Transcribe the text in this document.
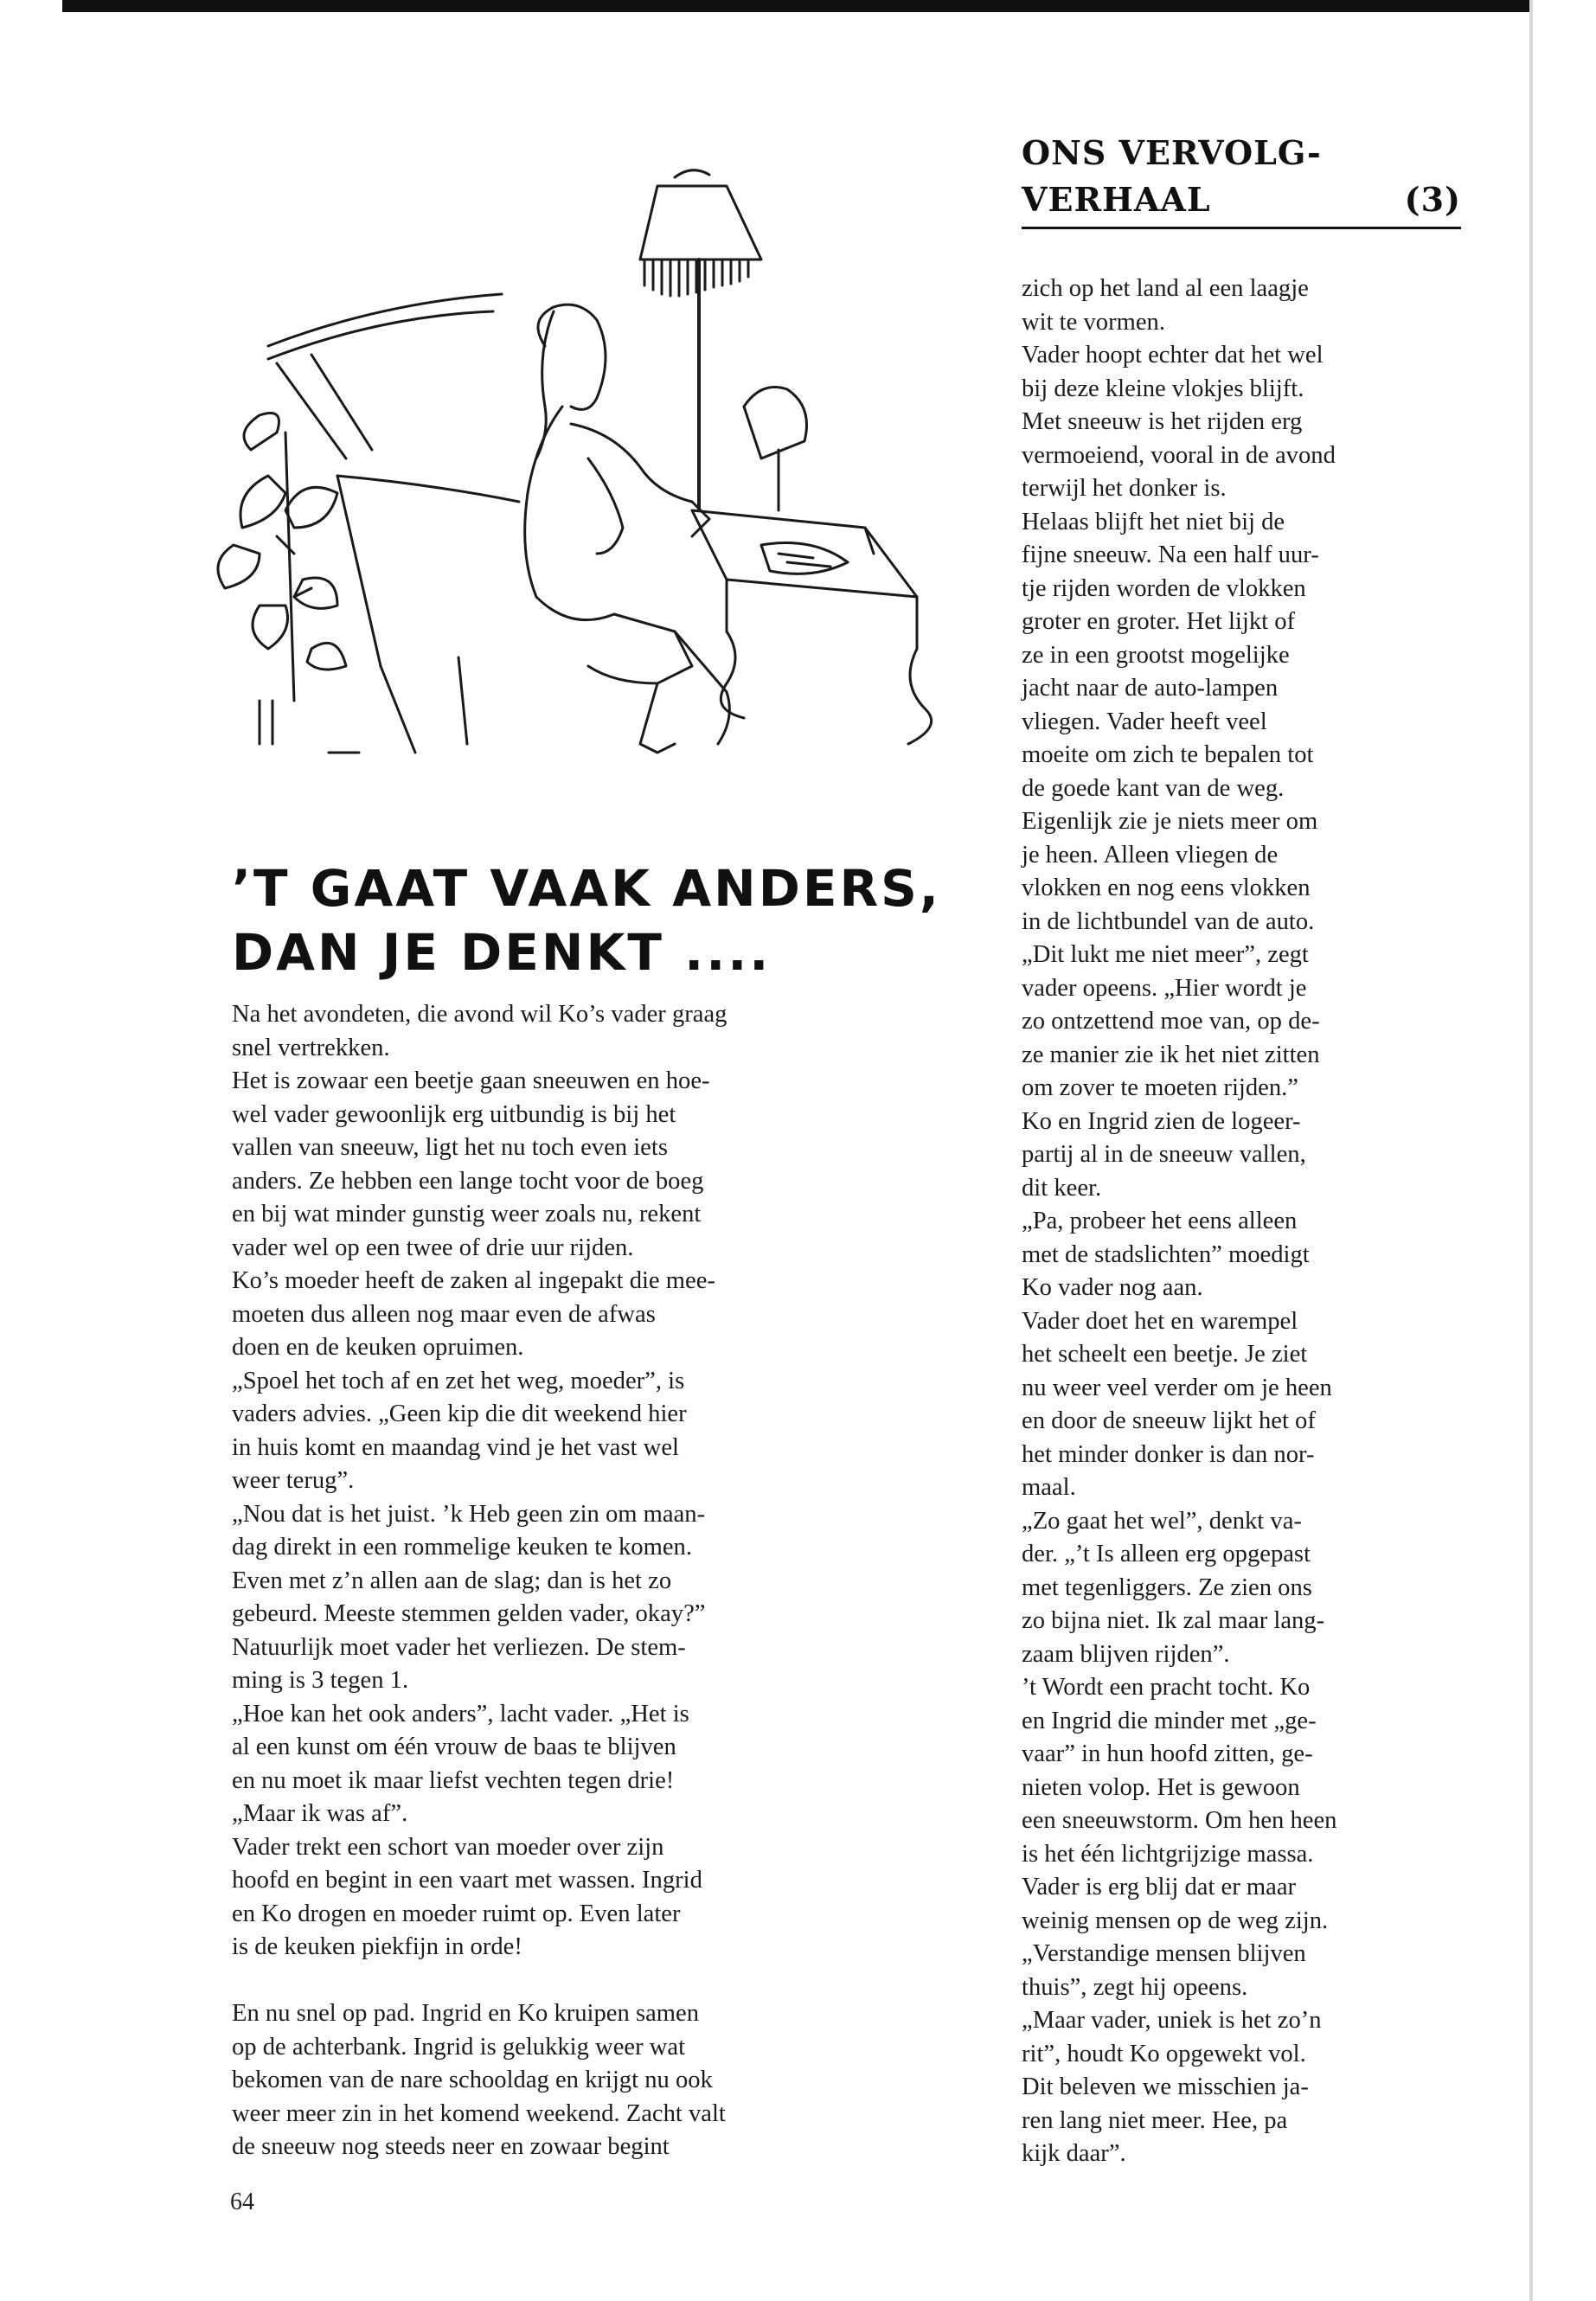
ONS VERVOLG-
VERHAAL	(3)
’T GAAT VAAK ANDERS,
DAN JE DENKT ....

Na het avondeten, die avond wil Ko’s vader graag

snel vertrekken.

Het is zowaar een beetje gaan sneeuwen en hoe-

wel vader gewoonlijk erg uitbundig is bij het

vallen van sneeuw, ligt het nu toch even iets

anders. Ze hebben een lange tocht voor de boeg

en bij wat minder gunstig weer zoals nu, rekent

vader wel op een twee of drie uur rijden.

Ko’s moeder heeft de zaken al ingepakt die mee-

moeten dus alleen nog maar even de afwas

doen en de keuken opruimen.

„Spoel het toch af en zet het weg, moeder”, is

vaders advies. „Geen kip die dit weekend hier

in huis komt en maandag vind je het vast wel

weer terug”.

„Nou dat is het juist. ’k Heb geen zin om maan-

dag direkt in een rommelige keuken te komen.

Even met z’n allen aan de slag; dan is het zo

gebeurd. Meeste stemmen gelden vader, okay?”

Natuurlijk moet vader het verliezen. De stem-

ming is 3 tegen 1.

„Hoe kan het ook anders”, lacht vader. „Het is

al een kunst om één vrouw de baas te blijven

en nu moet ik maar liefst vechten tegen drie!

„Maar ik was af”.

Vader trekt een schort van moeder over zijn

hoofd en begint in een vaart met wassen. Ingrid

en Ko drogen en moeder ruimt op. Even later

is de keuken piekfijn in orde!

En nu snel op pad. Ingrid en Ko kruipen samen

op de achterbank. Ingrid is gelukkig weer wat

bekomen van de nare schooldag en krijgt nu ook

weer meer zin in het komend weekend. Zacht valt

de sneeuw nog steeds neer en zowaar begint

zich op het land al een laagje

wit te vormen.

Vader hoopt echter dat het wel

bij deze kleine vlokjes blijft.

Met sneeuw is het rijden erg

vermoeiend, vooral in de avond

terwijl het donker is.

Helaas blijft het niet bij de

fijne sneeuw. Na een half uur-

tje rijden worden de vlokken

groter en groter. Het lijkt of

ze in een grootst mogelijke

jacht naar de auto-lampen

vliegen. Vader heeft veel

moeite om zich te bepalen tot

de goede kant van de weg.

Eigenlijk zie je niets meer om

je heen. Alleen vliegen de

vlokken en nog eens vlokken

in de lichtbundel van de auto.

„Dit lukt me niet meer”, zegt

vader opeens. „Hier wordt je

zo ontzettend moe van, op de-

ze manier zie ik het niet zitten

om zover te moeten rijden.”

Ko en Ingrid zien de logeer-

partij al in de sneeuw vallen,

dit keer.

„Pa, probeer het eens alleen

met de stadslichten” moedigt

Ko vader nog aan.

Vader doet het en warempel

het scheelt een beetje. Je ziet

nu weer veel verder om je heen

en door de sneeuw lijkt het of

het minder donker is dan nor-

maal.

„Zo gaat het wel”, denkt va-

der. „’t Is alleen erg opgepast

met tegenliggers. Ze zien ons

zo bijna niet. Ik zal maar lang-

zaam blijven rijden”.

’t Wordt een pracht tocht. Ko

en Ingrid die minder met „ge-

vaar” in hun hoofd zitten, ge-

nieten volop. Het is gewoon

een sneeuwstorm. Om hen heen

is het één lichtgrijzige massa.

Vader is erg blij dat er maar

weinig mensen op de weg zijn.

„Verstandige mensen blijven

thuis”, zegt hij opeens.

„Maar vader, uniek is het zo’n

rit”, houdt Ko opgewekt vol.

Dit beleven we misschien ja-

ren lang niet meer. Hee, pa

kijk daar”.

64
